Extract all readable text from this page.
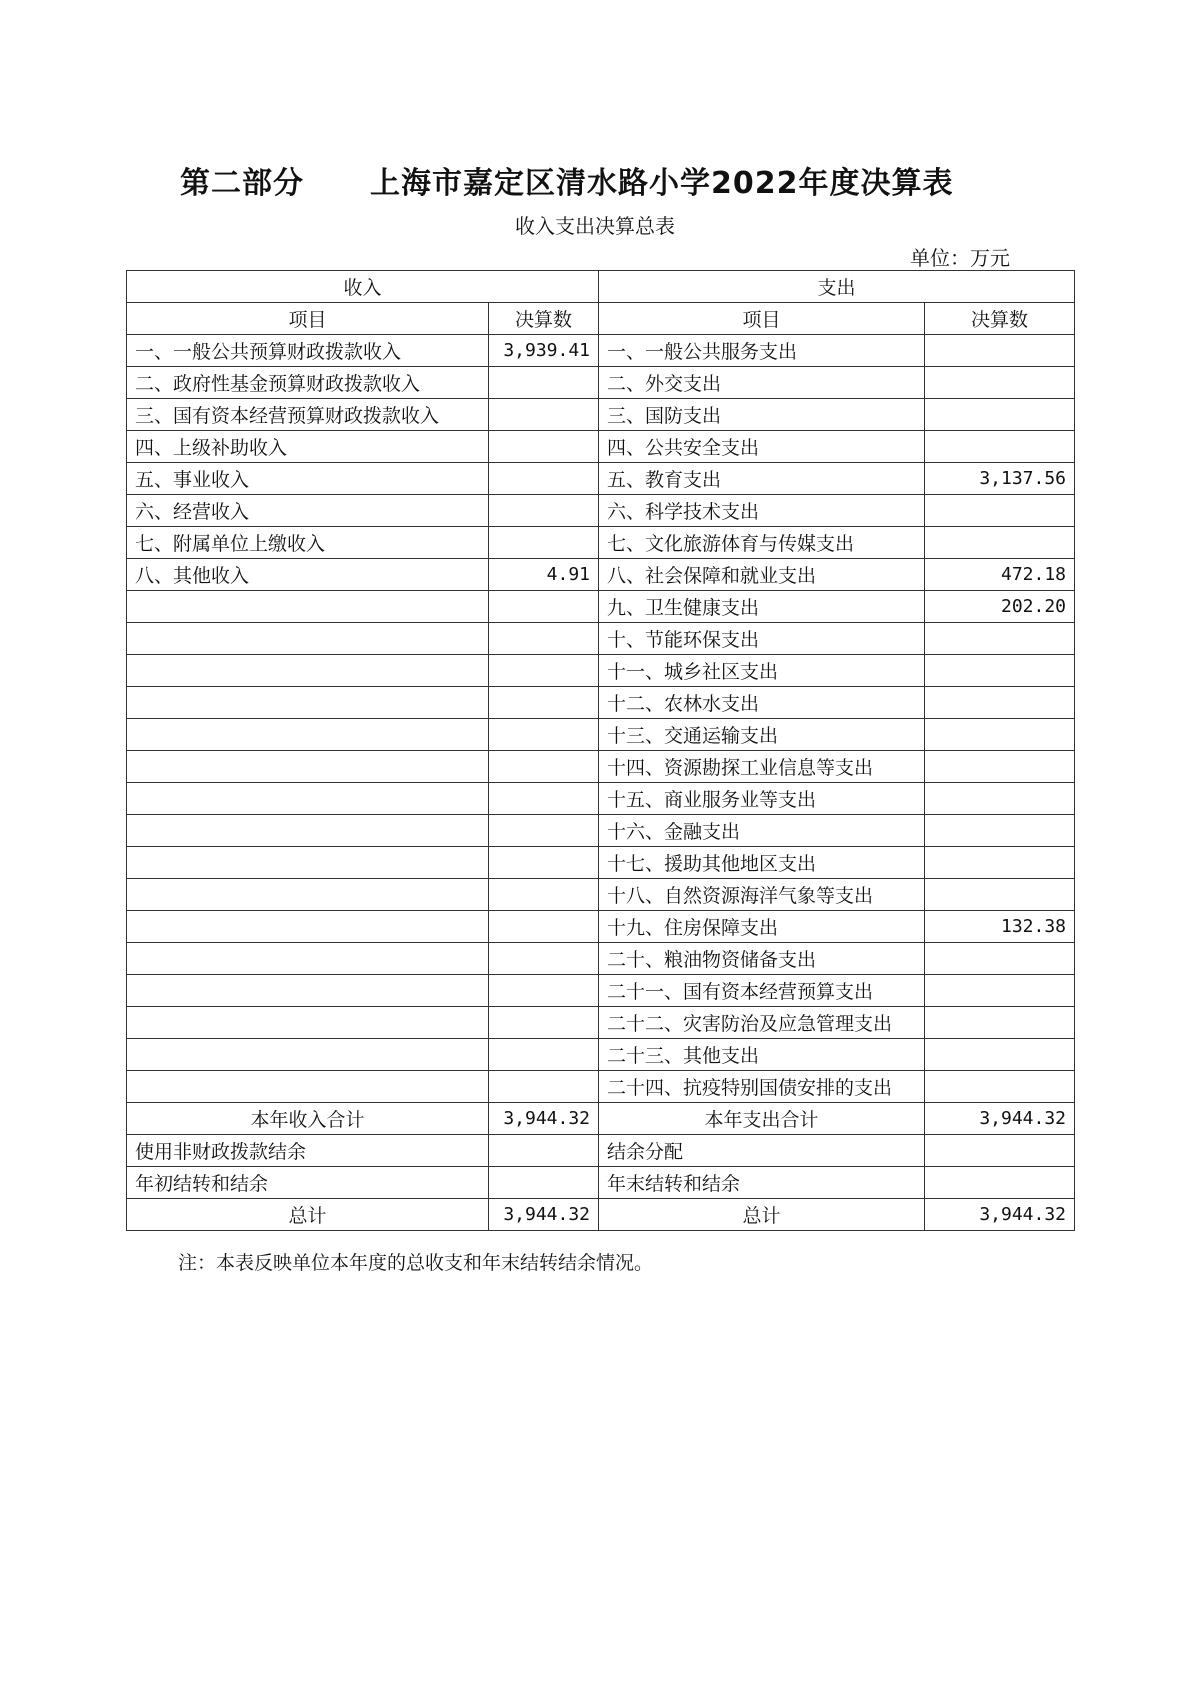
第二部分 上海市嘉定区清水路小学2022年度决算表
收入支出决算总表
单位：万元
收入		支出	
项目	决算数	项目	决算数
一、一般公共预算财政拨款收入	3,939.41	一、一般公共服务支出	
二、政府性基金预算财政拨款收入		二、外交支出	
三、国有资本经营预算财政拨款收入		三、国防支出	
四、上级补助收入		四、公共安全支出	
五、事业收入		五、教育支出	3,137.56
六、经营收入		六、科学技术支出	
七、附属单位上缴收入		七、文化旅游体育与传媒支出	
八、其他收入	4.91	八、社会保障和就业支出	472.18
		九、卫生健康支出	202.20
		十、节能环保支出	
		十一、城乡社区支出	
		十二、农林水支出	
		十三、交通运输支出	
		十四、资源勘探工业信息等支出	
		十五、商业服务业等支出	
		十六、金融支出	
		十七、援助其他地区支出	
		十八、自然资源海洋气象等支出	
		十九、住房保障支出	132.38
		二十、粮油物资储备支出	
		二十一、国有资本经营预算支出	
		二十二、灾害防治及应急管理支出	
		二十三、其他支出	
		二十四、抗疫特别国债安排的支出	
本年收入合计	3,944.32	本年支出合计	3,944.32
使用非财政拨款结余		结余分配	
年初结转和结余		年末结转和结余	
总计	3,944.32	总计	3,944.32
注：本表反映单位本年度的总收支和年末结转结余情况。
